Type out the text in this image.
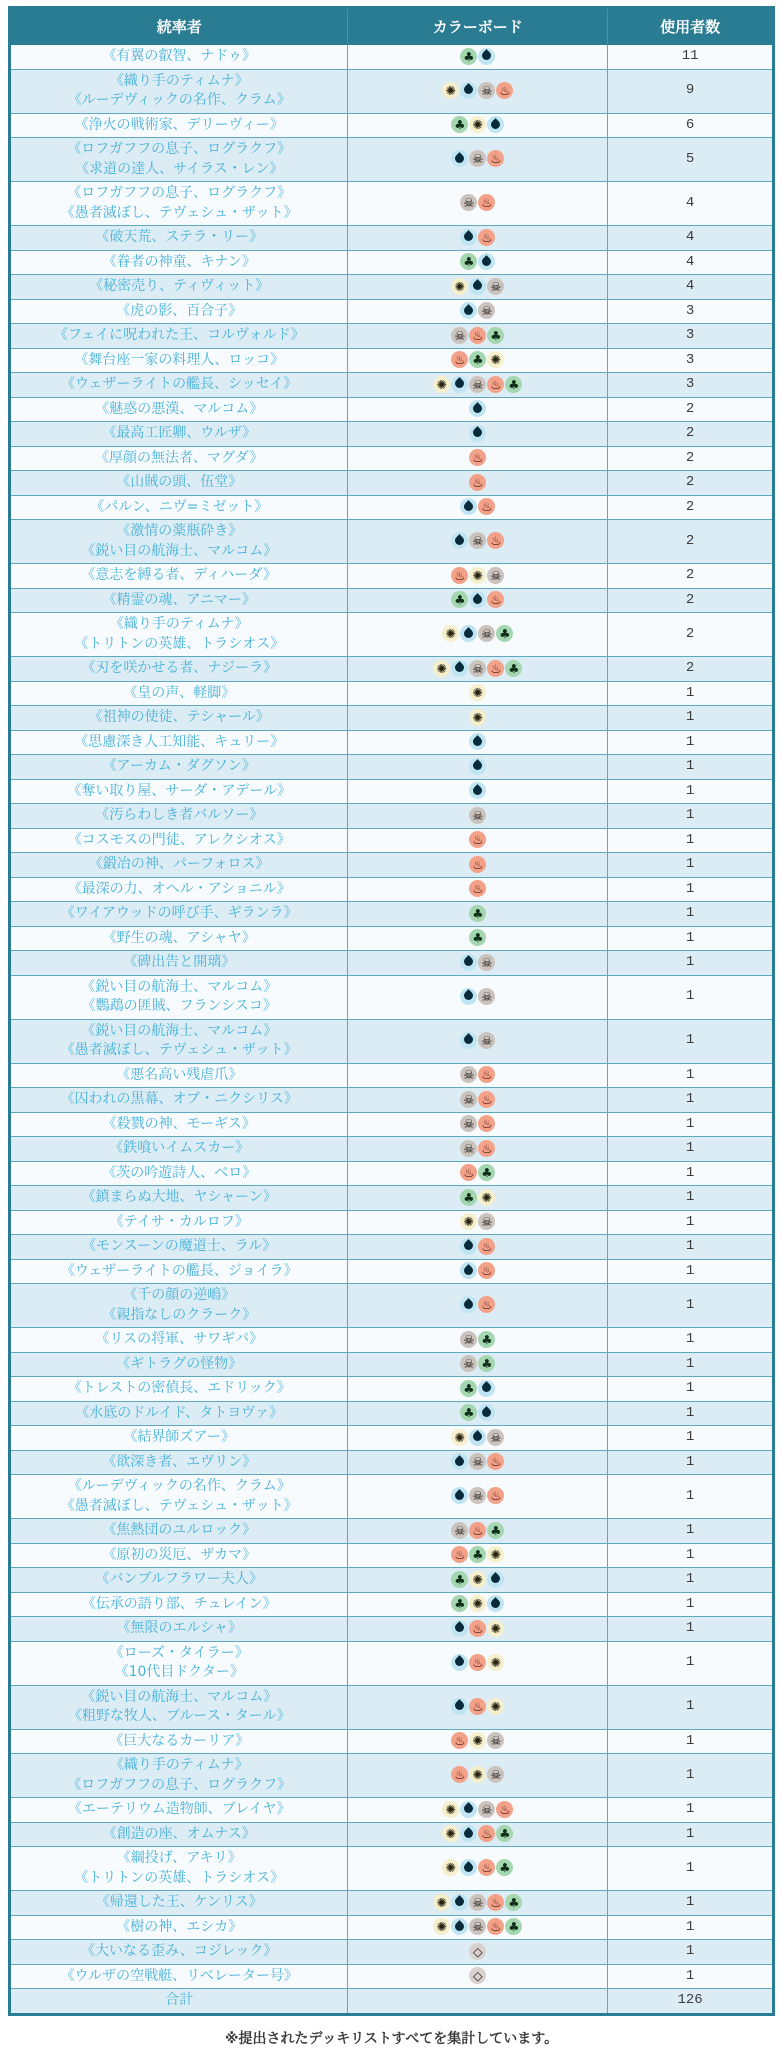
統率者	カラーボード	使用者数

《有翼の叡智、ナドゥ》	♣	11

《織り手のティムナ》
《ルーデヴィックの名作、クラム》
	✺ ☠ ♨	9

《浄火の戦術家、デリーヴィー》	♣ ✺	6

《ロフガフフの息子、ログラクフ》
《求道の達人、サイラス・レン》	☠ ♨	5

《ロフガフフの息子、ログラクフ》
《愚者滅ぼし、テヴェシュ・ザット》	☠ ♨	4

《破天荒、ステラ・リー》	♨	4

《眷者の神童、キナン》	♣	4

《秘密売り、ティヴィット》	✺ ☠	4

《虎の影、百合子》	☠	3

《フェイに呪われた王、コルヴォルド》	☠ ♨ ♣	3

《舞台座一家の料理人、ロッコ》	♨ ♣ ✺	3

《ウェザーライトの艦長、シッセイ》	✺ ☠ ♨ ♣	3

《魅惑の悪漢、マルコム》		2

《最高工匠卿、ウルザ》		2

《厚顔の無法者、マグダ》	♨	2

《山賊の頭、伍堂》	♨	2

《パルン、ニヴ=ミゼット》	♨	2

《激情の薬瓶砕き》
《鋭い目の航海士、マルコム》	☠ ♨	2

《意志を縛る者、ディハーダ》	♨ ✺ ☠	2

《精霊の魂、アニマー》	♣ ♨	2

《織り手のティムナ》
《トリトンの英雄、トラシオス》
	✺ ☠ ♣	2

《刃を咲かせる者、ナジーラ》	✺ ☠ ♨ ♣	2

《皇の声、軽脚》	✺	1

《祖神の使徒、テシャール》	✺	1

《思慮深き人工知能、キュリー》		1

《アーカム・ダグソン》		1

《奪い取り屋、サーダ・アデール》		1

《汚らわしき者バルソー》	☠	1

《コスモスの門徒、アレクシオス》	♨	1

《鍛冶の神、パーフォロス》	♨	1

《最深の力、オヘル・アショニル》	♨	1

《ワイアウッドの呼び手、ギランラ》	♣	1

《野生の魂、アシャヤ》	♣	1

《碑出告と開璃》	☠	1

《鋭い目の航海士、マルコム》
《鸚鵡の匪賊、フランシスコ》	☠	1

《鋭い目の航海士、マルコム》
《愚者滅ぼし、テヴェシュ・ザット》	☠	1

《悪名高い残虐爪》	☠ ♨	1

《囚われの黒幕、オブ・ニクシリス》	☠ ♨	1

《殺戮の神、モーギス》	☠ ♨	1

《鉄喰いイムスカー》	☠ ♨	1

《茨の吟遊詩人、ベロ》	♨ ♣	1

《鎮まらぬ大地、ヤシャーン》	♣ ✺	1

《テイサ・カルロフ》	✺ ☠	1

《モンスーンの魔道士、ラル》	♨	1

《ウェザーライトの艦長、ジョイラ》	♨	1

《千の顔の逆嶋》
《親指なしのクラーク》	♨	1

《リスの将軍、サワギバ》	☠ ♣	1

《ギトラグの怪物》	☠ ♣	1

《トレストの密偵長、エドリック》	♣	1

《水底のドルイド、タトヨヴァ》	♣	1

《結界師ズアー》	✺ ☠	1

《欲深き者、エヴリン》	☠ ♨	1

《ルーデヴィックの名作、クラム》
《愚者滅ぼし、テヴェシュ・ザット》	☠ ♨	1

《焦熱団のユルロック》	☠ ♨ ♣	1

《原初の災厄、ザカマ》	♨ ♣ ✺	1

《バンブルフラワー夫人》	♣ ✺	1

《伝承の語り部、チュレイン》	♣ ✺	1

《無限のエルシャ》	♨ ✺	1

《ローズ・タイラー》
《10代目ドクター》	♨ ✺	1

《鋭い目の航海士、マルコム》
《粗野な牧人、ブルース・タール》	♨ ✺	1

《巨大なるカーリア》	♨ ✺ ☠	1

《織り手のティムナ》
《ロフガフフの息子、ログラクフ》	♨ ✺ ☠	1

《エーテリウム造物師、ブレイヤ》	✺ ☠ ♨	1

《創造の座、オムナス》	✺ ♨ ♣	1

《綱投げ、アキリ》
《トリトンの英雄、トラシオス》
	✺ ♨ ♣	1

《帰還した王、ケンリス》	✺ ☠ ♨ ♣	1

《樹の神、エシカ》	✺ ☠ ♨ ♣	1

《大いなる歪み、コジレック》	◇	1

《ウルザの空戦艇、リベレーター号》	◇	1
合計		126

※提出されたデッキリストすべてを集計しています。
